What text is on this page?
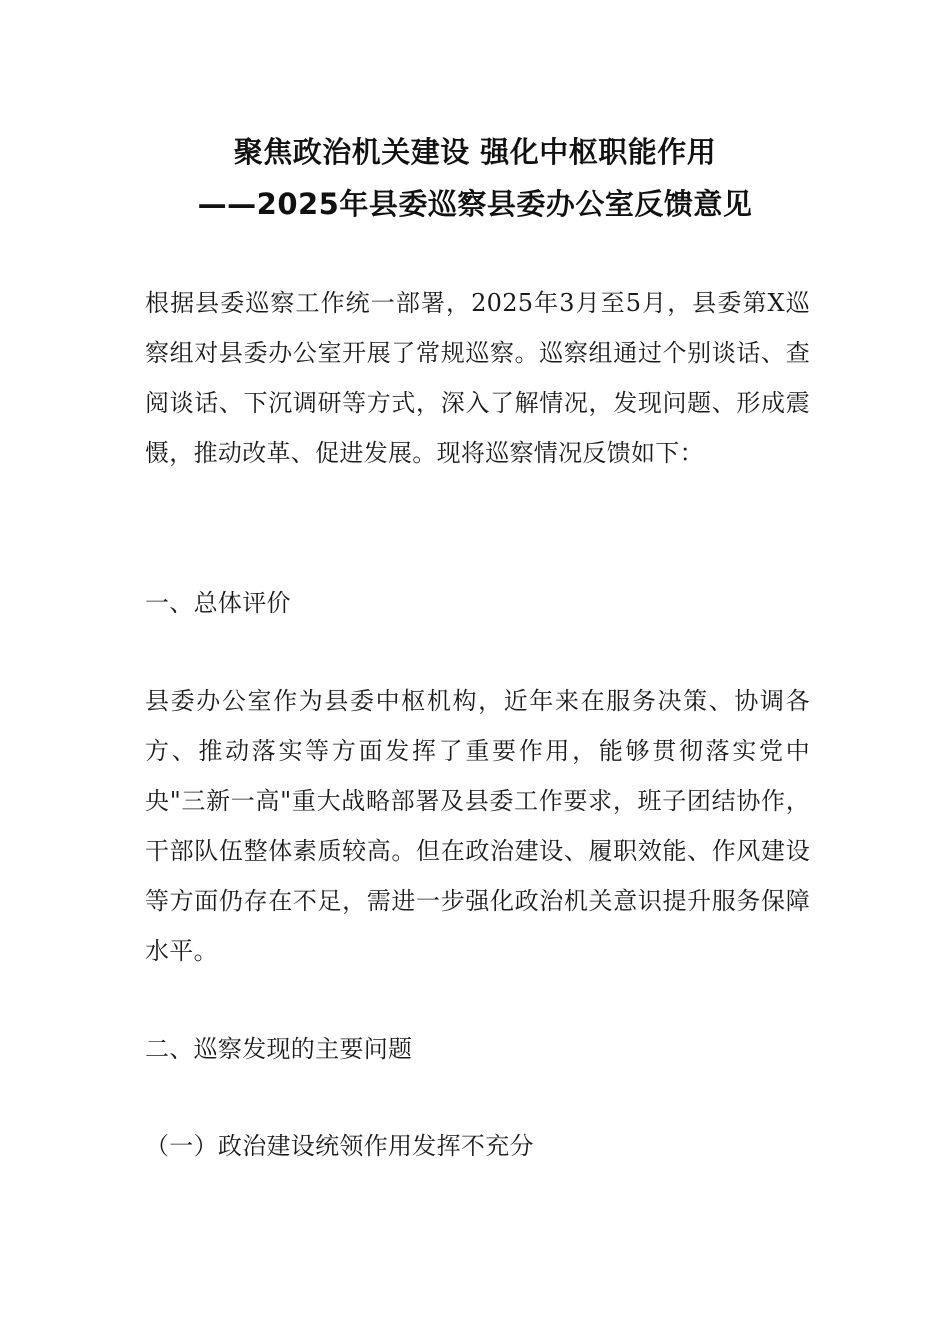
聚焦政治机关建设 强化中枢职能作用
——2025年县委巡察县委办公室反馈意见
根据县委巡察工作统一部署，2025年3月至5月，县委第X巡察组对县委办公室开展了常规巡察。巡察组通过个别谈话、查阅谈话、下沉调研等方式，深入了解情况，发现问题、形成震慑，推动改革、促进发展。现将巡察情况反馈如下：
一、总体评价
县委办公室作为县委中枢机构，近年来在服务决策、协调各方、推动落实等方面发挥了重要作用，能够贯彻落实党中央"三新一高"重大战略部署及县委工作要求，班子团结协作，干部队伍整体素质较高。但在政治建设、履职效能、作风建设等方面仍存在不足，需进一步强化政治机关意识提升服务保障水平。
二、巡察发现的主要问题
（一）政治建设统领作用发挥不充分
